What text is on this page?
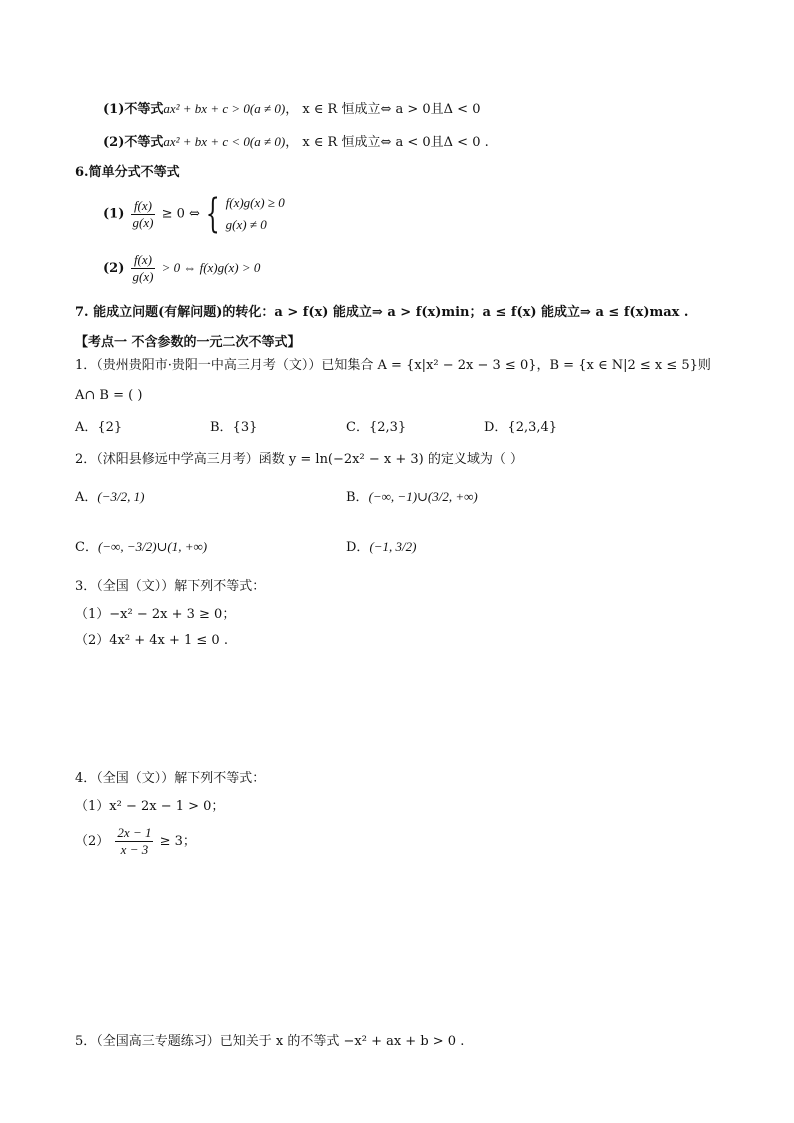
(1)不等式ax² + bx + c > 0(a ≠ 0)， x ∈ R 恒成立⇔ a > 0且Δ < 0
(2)不等式ax² + bx + c < 0(a ≠ 0)， x ∈ R 恒成立⇔ a < 0且Δ < 0 .
6.简单分式不等式
$(1) \frac{f(x)}{g(x)} \ge 0$ ⇔ { f(x)g(x) ≥ 0
g(x) ≠ 0
$(2) \frac{f(x)}{g(x)} > 0$ ⇔ f(x)g(x) > 0
7. 能成立问题(有解问题)的转化：a > f(x) 能成立⇒ a > f(x)min；a ≤ f(x) 能成立⇒ a ≤ f(x)max .
【考点一 不含参数的一元二次不等式】
1．（贵州贵阳市·贵阳一中高三月考（文））已知集合 A = {x|x² − 2x − 3 ≤ 0}，B = {x ∈ N|2 ≤ x ≤ 5}则
A∩ B = ( )
A．{2}	B．{3}	C．{2,3}	D．{2,3,4}
2．（沭阳县修远中学高三月考）函数 y = ln(−2x² − x + 3) 的定义域为（ ）
A．(−3/2, 1)	B．(−∞, −1)∪(3/2, +∞)
C．(−∞, −3/2)∪(1, +∞)	D．(−1, 3/2)
3．（全国（文））解下列不等式：
（1）−x² − 2x + 3 ≥ 0；
（2）4x² + 4x + 1 ≤ 0 .
4．（全国（文））解下列不等式：
（1）x² − 2x − 1 > 0；
$(2) \frac{2x - 1}{x - 3} \ge 3$；
5．（全国高三专题练习）已知关于 x 的不等式 −x² + ax + b > 0 .
